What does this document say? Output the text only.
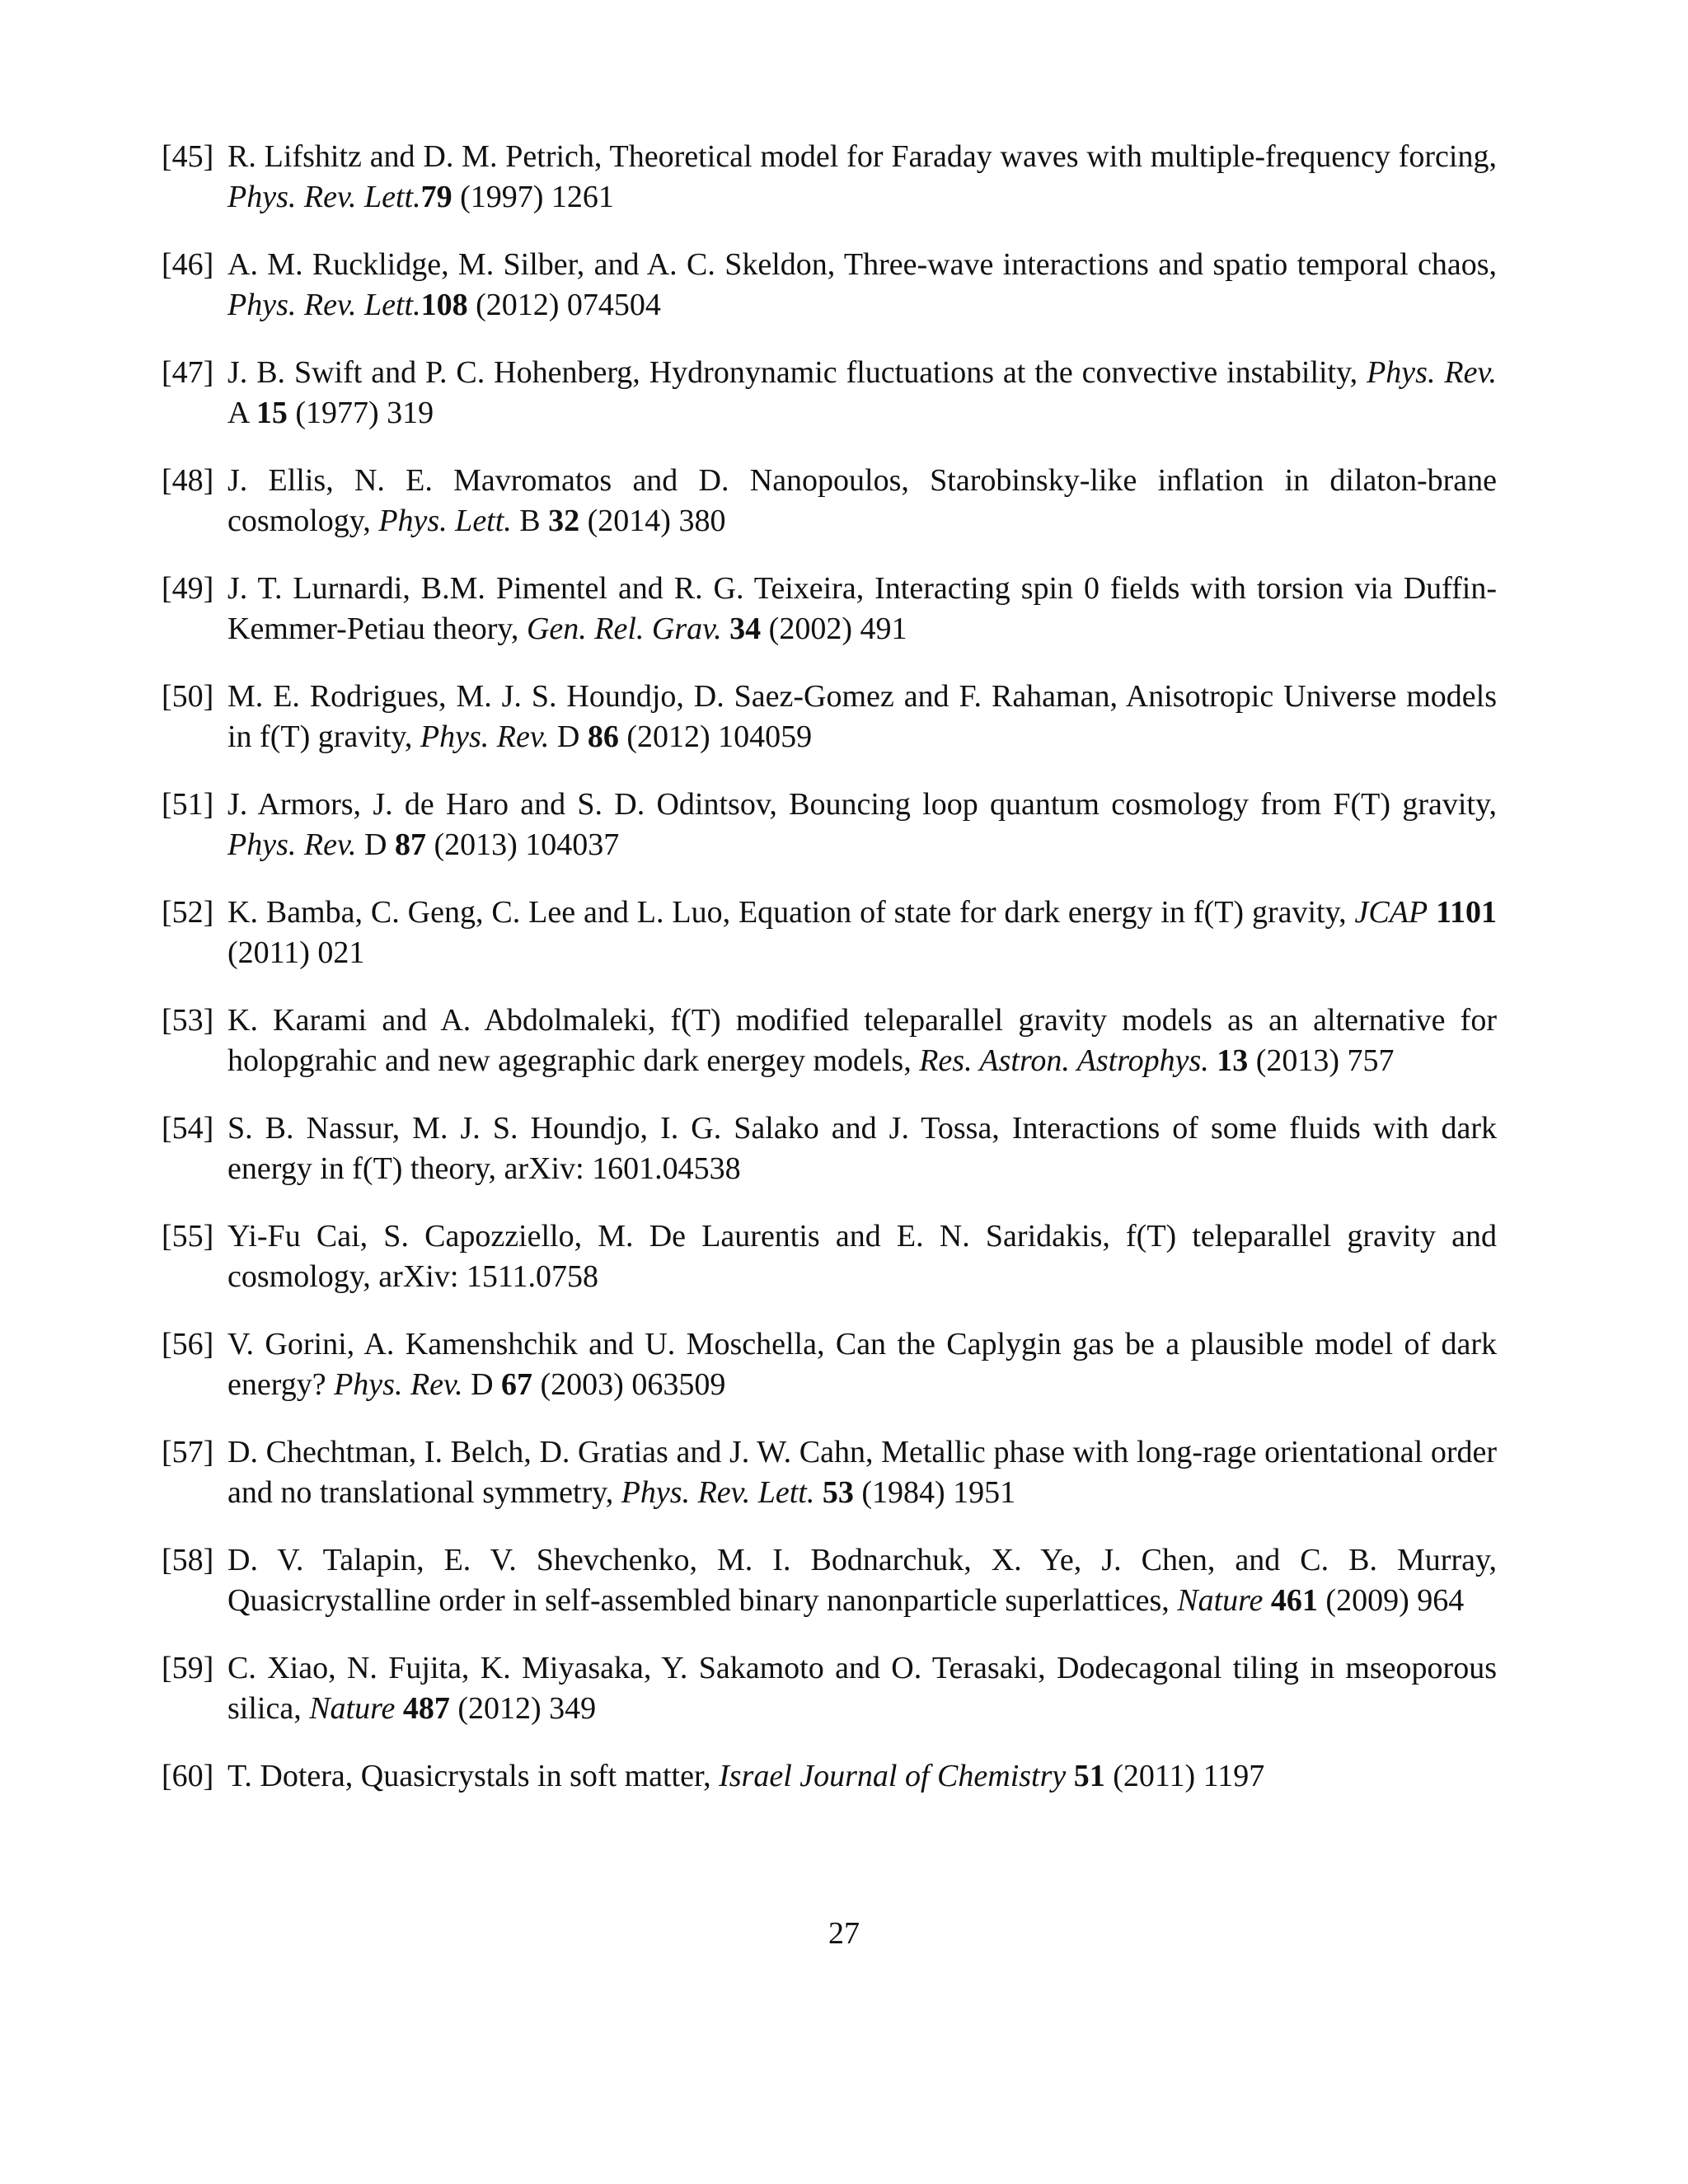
[45] R. Lifshitz and D. M. Petrich, Theoretical model for Faraday waves with multiple-frequency forcing, Phys. Rev. Lett.79 (1997) 1261
[46] A. M. Rucklidge, M. Silber, and A. C. Skeldon, Three-wave interactions and spatio temporal chaos, Phys. Rev. Lett.108 (2012) 074504
[47] J. B. Swift and P. C. Hohenberg, Hydronynamic fluctuations at the convective instability, Phys. Rev. A 15 (1977) 319
[48] J. Ellis, N. E. Mavromatos and D. Nanopoulos, Starobinsky-like inflation in dilaton-brane cosmology, Phys. Lett. B 32 (2014) 380
[49] J. T. Lurnardi, B.M. Pimentel and R. G. Teixeira, Interacting spin 0 fields with torsion via Duffin-Kemmer-Petiau theory, Gen. Rel. Grav. 34 (2002) 491
[50] M. E. Rodrigues, M. J. S. Houndjo, D. Saez-Gomez and F. Rahaman, Anisotropic Universe models in f(T) gravity, Phys. Rev. D 86 (2012) 104059
[51] J. Armors, J. de Haro and S. D. Odintsov, Bouncing loop quantum cosmology from F(T) gravity, Phys. Rev. D 87 (2013) 104037
[52] K. Bamba, C. Geng, C. Lee and L. Luo, Equation of state for dark energy in f(T) gravity, JCAP 1101 (2011) 021
[53] K. Karami and A. Abdolmaleki, f(T) modified teleparallel gravity models as an alternative for holopgrahic and new agegraphic dark energey models, Res. Astron. Astrophys. 13 (2013) 757
[54] S. B. Nassur, M. J. S. Houndjo, I. G. Salako and J. Tossa, Interactions of some fluids with dark energy in f(T) theory, arXiv: 1601.04538
[55] Yi-Fu Cai, S. Capozziello, M. De Laurentis and E. N. Saridakis, f(T) teleparallel gravity and cosmology, arXiv: 1511.0758
[56] V. Gorini, A. Kamenshchik and U. Moschella, Can the Caplygin gas be a plausible model of dark energy? Phys. Rev. D 67 (2003) 063509
[57] D. Chechtman, I. Belch, D. Gratias and J. W. Cahn, Metallic phase with long-rage orientational order and no translational symmetry, Phys. Rev. Lett. 53 (1984) 1951
[58] D. V. Talapin, E. V. Shevchenko, M. I. Bodnarchuk, X. Ye, J. Chen, and C. B. Murray, Quasicrystalline order in self-assembled binary nanonparticle superlattices, Nature 461 (2009) 964
[59] C. Xiao, N. Fujita, K. Miyasaka, Y. Sakamoto and O. Terasaki, Dodecagonal tiling in mseoporous silica, Nature 487 (2012) 349
[60] T. Dotera, Quasicrystals in soft matter, Israel Journal of Chemistry 51 (2011) 1197
27
